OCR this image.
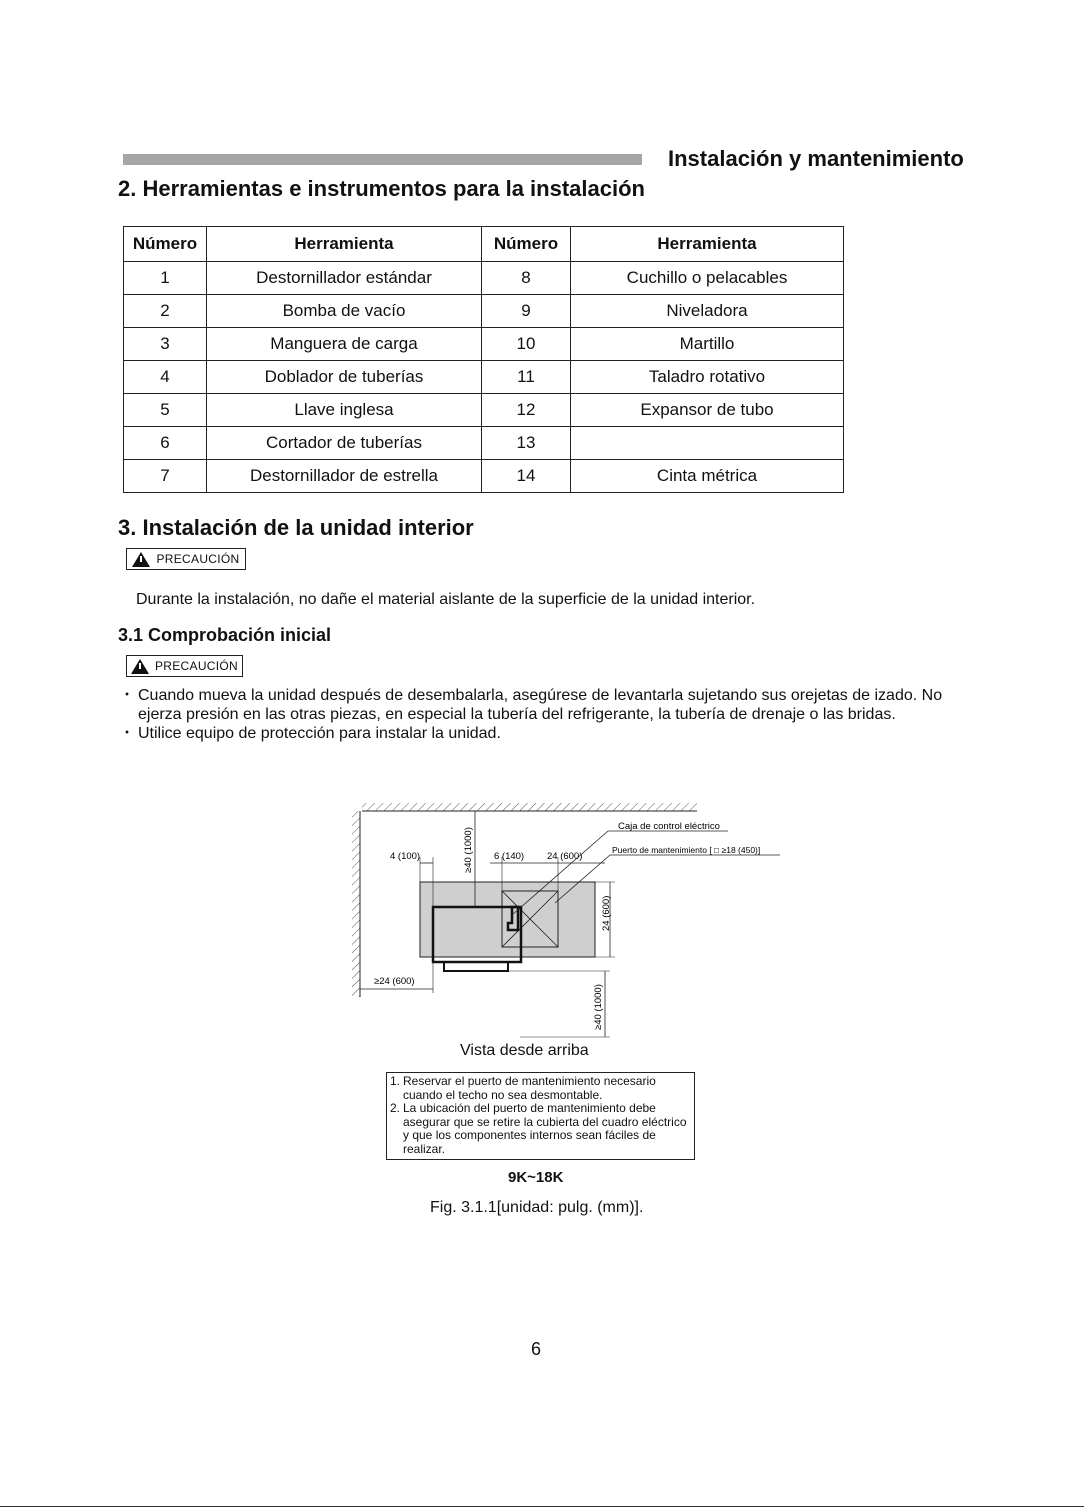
Instalación y mantenimiento
2. Herramientas e instrumentos para la instalación
Número	Herramienta	Número	Herramienta
1	Destornillador estándar	8	Cuchillo o pelacables
2	Bomba de vacío	9	Niveladora
3	Manguera de carga	10	Martillo
4	Doblador de tuberías	11	Taladro rotativo
5	Llave inglesa	12	Expansor de tubo
6	Cortador de tuberías	13	
7	Destornillador de estrella	14	Cinta métrica
3. Instalación de la unidad interior
PRECAUCIÓN
Durante la instalación, no dañe el material aislante de la superficie de la unidad interior.
3.1 Comprobación inicial
PRECAUCIÓN
・ Cuando mueva la unidad después de desembalarla, asegúrese de levantarla sujetando sus orejetas de izado. No ejerza presión en las otras piezas, en especial la tubería del refrigerante, la tubería de drenaje o las bridas.
・ Utilice equipo de protección para instalar la unidad.
Caja de control eléctrico
Puerto de mantenimiento [ □ ≥18 (450)]
4 (100)	≥40 (1000) 6 (140) 24 (600)
24 (600)
≥24 (600)
≥40 (1000)
Vista desde arriba
1. Reservar el puerto de mantenimiento necesario cuando el techo no sea desmontable.
2. La ubicación del puerto de mantenimiento debe asegurar que se retire la cubierta del cuadro eléctrico y que los componentes internos sean fáciles de realizar.
9K~18K
Fig. 3.1.1[unidad: pulg. (mm)].
6
